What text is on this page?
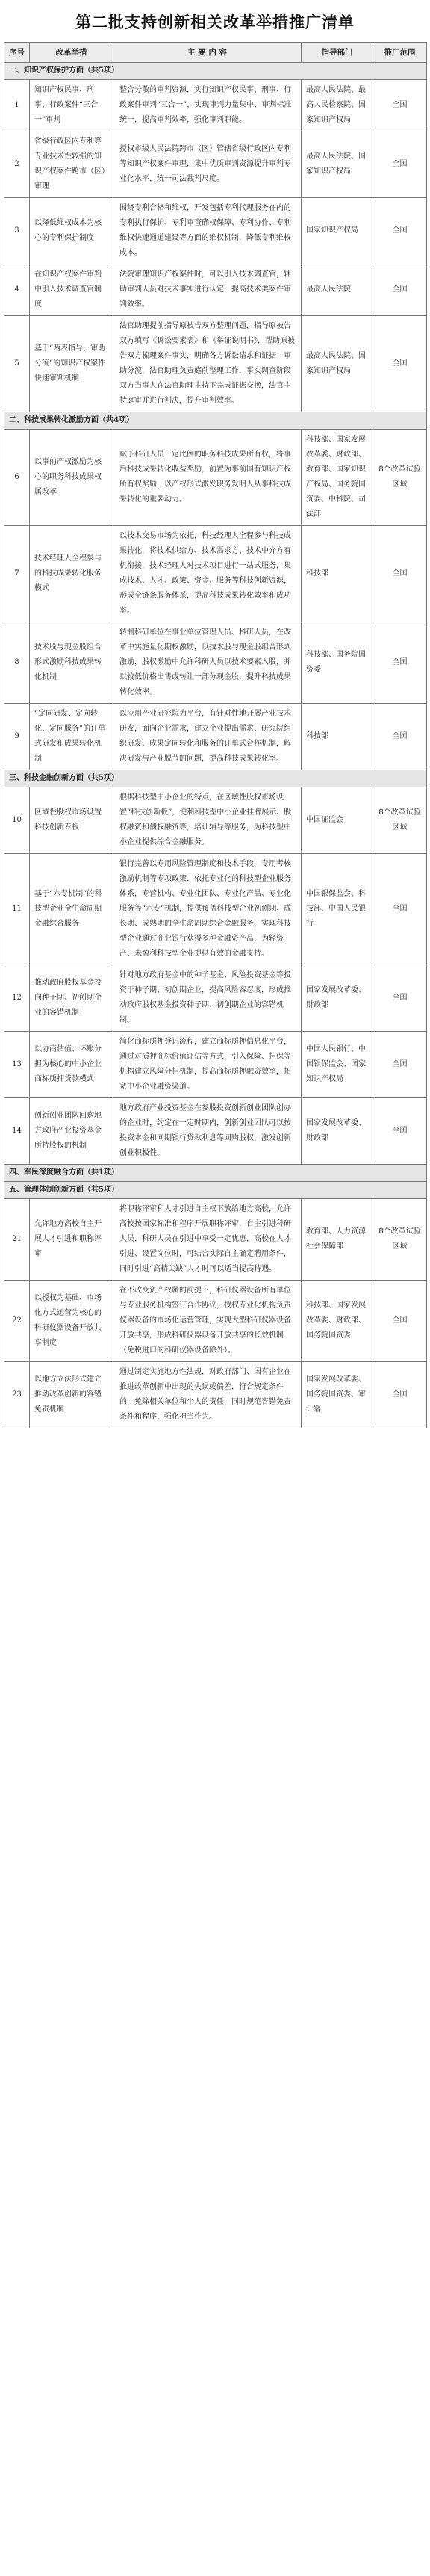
第二批支持创新相关改革举措推广清单
序号	改革举措	主 要 内 容	指导部门	推广范围
一、知识产权保护方面（共5项）				
1	知识产权民事、刑事、行政案件“三合一”审判	整合分散的审判资源，实行知识产权民事、刑事、行政案件审判“三合一”，实现审判力量集中、审判标准统一，提高审判效率，强化审判职能。	最高人民法院、最高人民检察院、国家知识产权局	全国
2	省级行政区内专利等专业技术性较强的知识产权案件跨市（区）审理	授权市级人民法院跨市（区）管辖省级行政区内专利等知识产权案件审理，集中优质审判资源提升审判专业化水平，统一司法裁判尺度。	最高人民法院、国家知识产权局	全国
3	以降低维权成本为核心的专利保护制度	围绕专利合格和维权，开发包括专利代理服务在内的专利执行保护、专利审查确权保障、专利协作、专利维权快速通道建设等方面的维权机制，降低专利维权成本。	国家知识产权局	全国
4	在知识产权案件审判中引入技术调查官制度	法院审理知识产权案件时，可以引入技术调查官，辅助审判人员对技术事实进行认定，提高技术类案件审判效率。	最高人民法院	全国
5	基于“两表指导、审助分流”的知识产权案件快速审判机制	法官助理提前指导原被告双方整理问题，指导原被告双方填写《诉讼要素表》和《举证说明书》，帮助原被告双方梳理案件事实，明确各方诉讼请求和证据；审助分流，法官助理负责庭前整理工作，事实调查阶段双方当事人在法官助理主持下完成证据交换，法官主持庭审并进行判决，提升审判效率。	最高人民法院、国家知识产权局	全国
二、科技成果转化激励方面（共4项）				
6	以事前产权激励为核心的职务科技成果权属改革	赋予科研人员一定比例的职务科技成果所有权，将事后科技成果转化收益奖励，前置为事前国有知识产权所有权奖励，以产权形式激发职务发明人从事科技成果转化的重要动力。	科技部、国家发展改革委、财政部、教育部、国家知识产权局、国务院国资委、中科院、司法部	8个改革试验区域
7	技术经理人全程参与的科技成果转化服务模式	以技术交易市场为依托，科技经理人全程参与科技成果转化，将技术供给方、技术需求方、技术中介方有机衔接，技术经理人对技术项目进行一站式服务，集成技术、人才、政策、资金、服务等科技创新资源，形成全链条服务体系，提高科技成果转化效率和成功率。	科技部	全国
8	技术股与现金股组合形式激励科技成果转化机制	转制科研单位在事业单位管理人员、科研人员，在改革中实施量化期权激励，以技术股与现金股组合形式激励，股权激励中允许科研人员以技术要素入股，并以较低价格出售或转让一部分现金股，提升科技成果转化效率。	科技部、国务院国资委	全国
9	“定向研发、定向转化、定向服务”的订单式研发和成果转化机制	以应用产业研究院为平台，有针对性地开展产业技术研发，面向企业需求，建立企业提出需求、研究院组织研发、成果定向转化和服务的订单式合作机制，解决研发与产业脱节的问题，提高科技成果转化率。	科技部	全国
三、科技金融创新方面（共5项）				
10	区域性股权市场设置科技创新专板	根据科技型中小企业的特点，在区域性股权市场设置“科技创新板”，便利科技型中小企业挂牌展示、股权融资和债权融资等，培训辅导等服务，为科技型中小企业提供综合金融服务。	中国证监会	8个改革试验区域
11	基于“六专机制”的科技型企业全生命周期金融综合服务	银行完善以专用风险管理制度和技术手段，专用考核激励机制等专项政策，依托专业化的科技型企业服务体系，专营机构、专业化团队、专业化产品、专业化服务等“六专”机制，提供覆盖科技型企业初创期、成长期、成熟期的全生命周期综合金融服务，实现科技型企业通过商业银行获得多种金融资产品，为轻资产、未盈利科技型企业提供有效的金融支持。	中国银保监会、科技部、中国人民银行	全国
12	推动政府股权基金投向种子期、初创期企业的容错机制	针对地方政府基金中的种子基金、风险投资基金等投资于种子期、初创期企业，提高风险容忍度，形成推动政府股权基金投资种子期、初创期企业的容错机制。	国家发展改革委、财政部	全国
13	以协商估值、坏账分担为核心的中小企业商标质押贷款模式	简化商标质押登记流程，建立商标质押信息化平台，通过对质押商标价值评估等方式，引入保险、担保等机构建立风险分担机制，提高商标质押融资效率，拓宽中小企业融资渠道。	中国人民银行、中国银保监会、国家知识产权局	全国
14	创新创业团队回购地方政府产业投资基金所持股权的机制	地方政府产业投资基金在参股投资创新创业团队创办的企业时，约定在一定时期内，创新创业团队可以按投资本金和同期银行贷款利息等回购股权，激发创新创业积极性。	国家发展改革委、财政部	全国
四、军民深度融合方面（共1项）				
五、管理体制创新方面（共5项）				
21	允许地方高校自主开展人才引进和职称评审	将职称评审和人才引进自主权下放给地方高校，允许高校按国家标准和程序开展职称评审，自主引进科研人员，科研人员在引进中享受一定优惠，高校在人才引进、设置岗位时，可结合实际自主确定聘用条件，同时引进“高精尖缺”人才时可以适当提高待遇。	教育部、人力资源社会保障部	8个改革试验区域
22	以授权为基础、市场化方式运营为核心的科研仪器设备开放共享制度	在不改变资产权属的前提下，科研仪器设备所有单位与专业服务机构签订合作协议，授权专业化机构负责仪器设备的市场化运营管理，实现大型科研仪器设备开放共享，形成科研仪器设备开放共享的长效机制（免税进口的科研仪器设备除外）。	科技部、国家发展改革委、财政部、国务院国资委	全国
23	以地方立法形式建立推动改革创新的容错免责机制	通过制定实施地方性法规，对政府部门、国有企业在推进改革创新中出现的失误或偏差，符合规定条件的，免除相关单位和个人的责任，同时规范容错免责条件和程序，强化担当作为。	国家发展改革委、国务院国资委、审计署	全国
